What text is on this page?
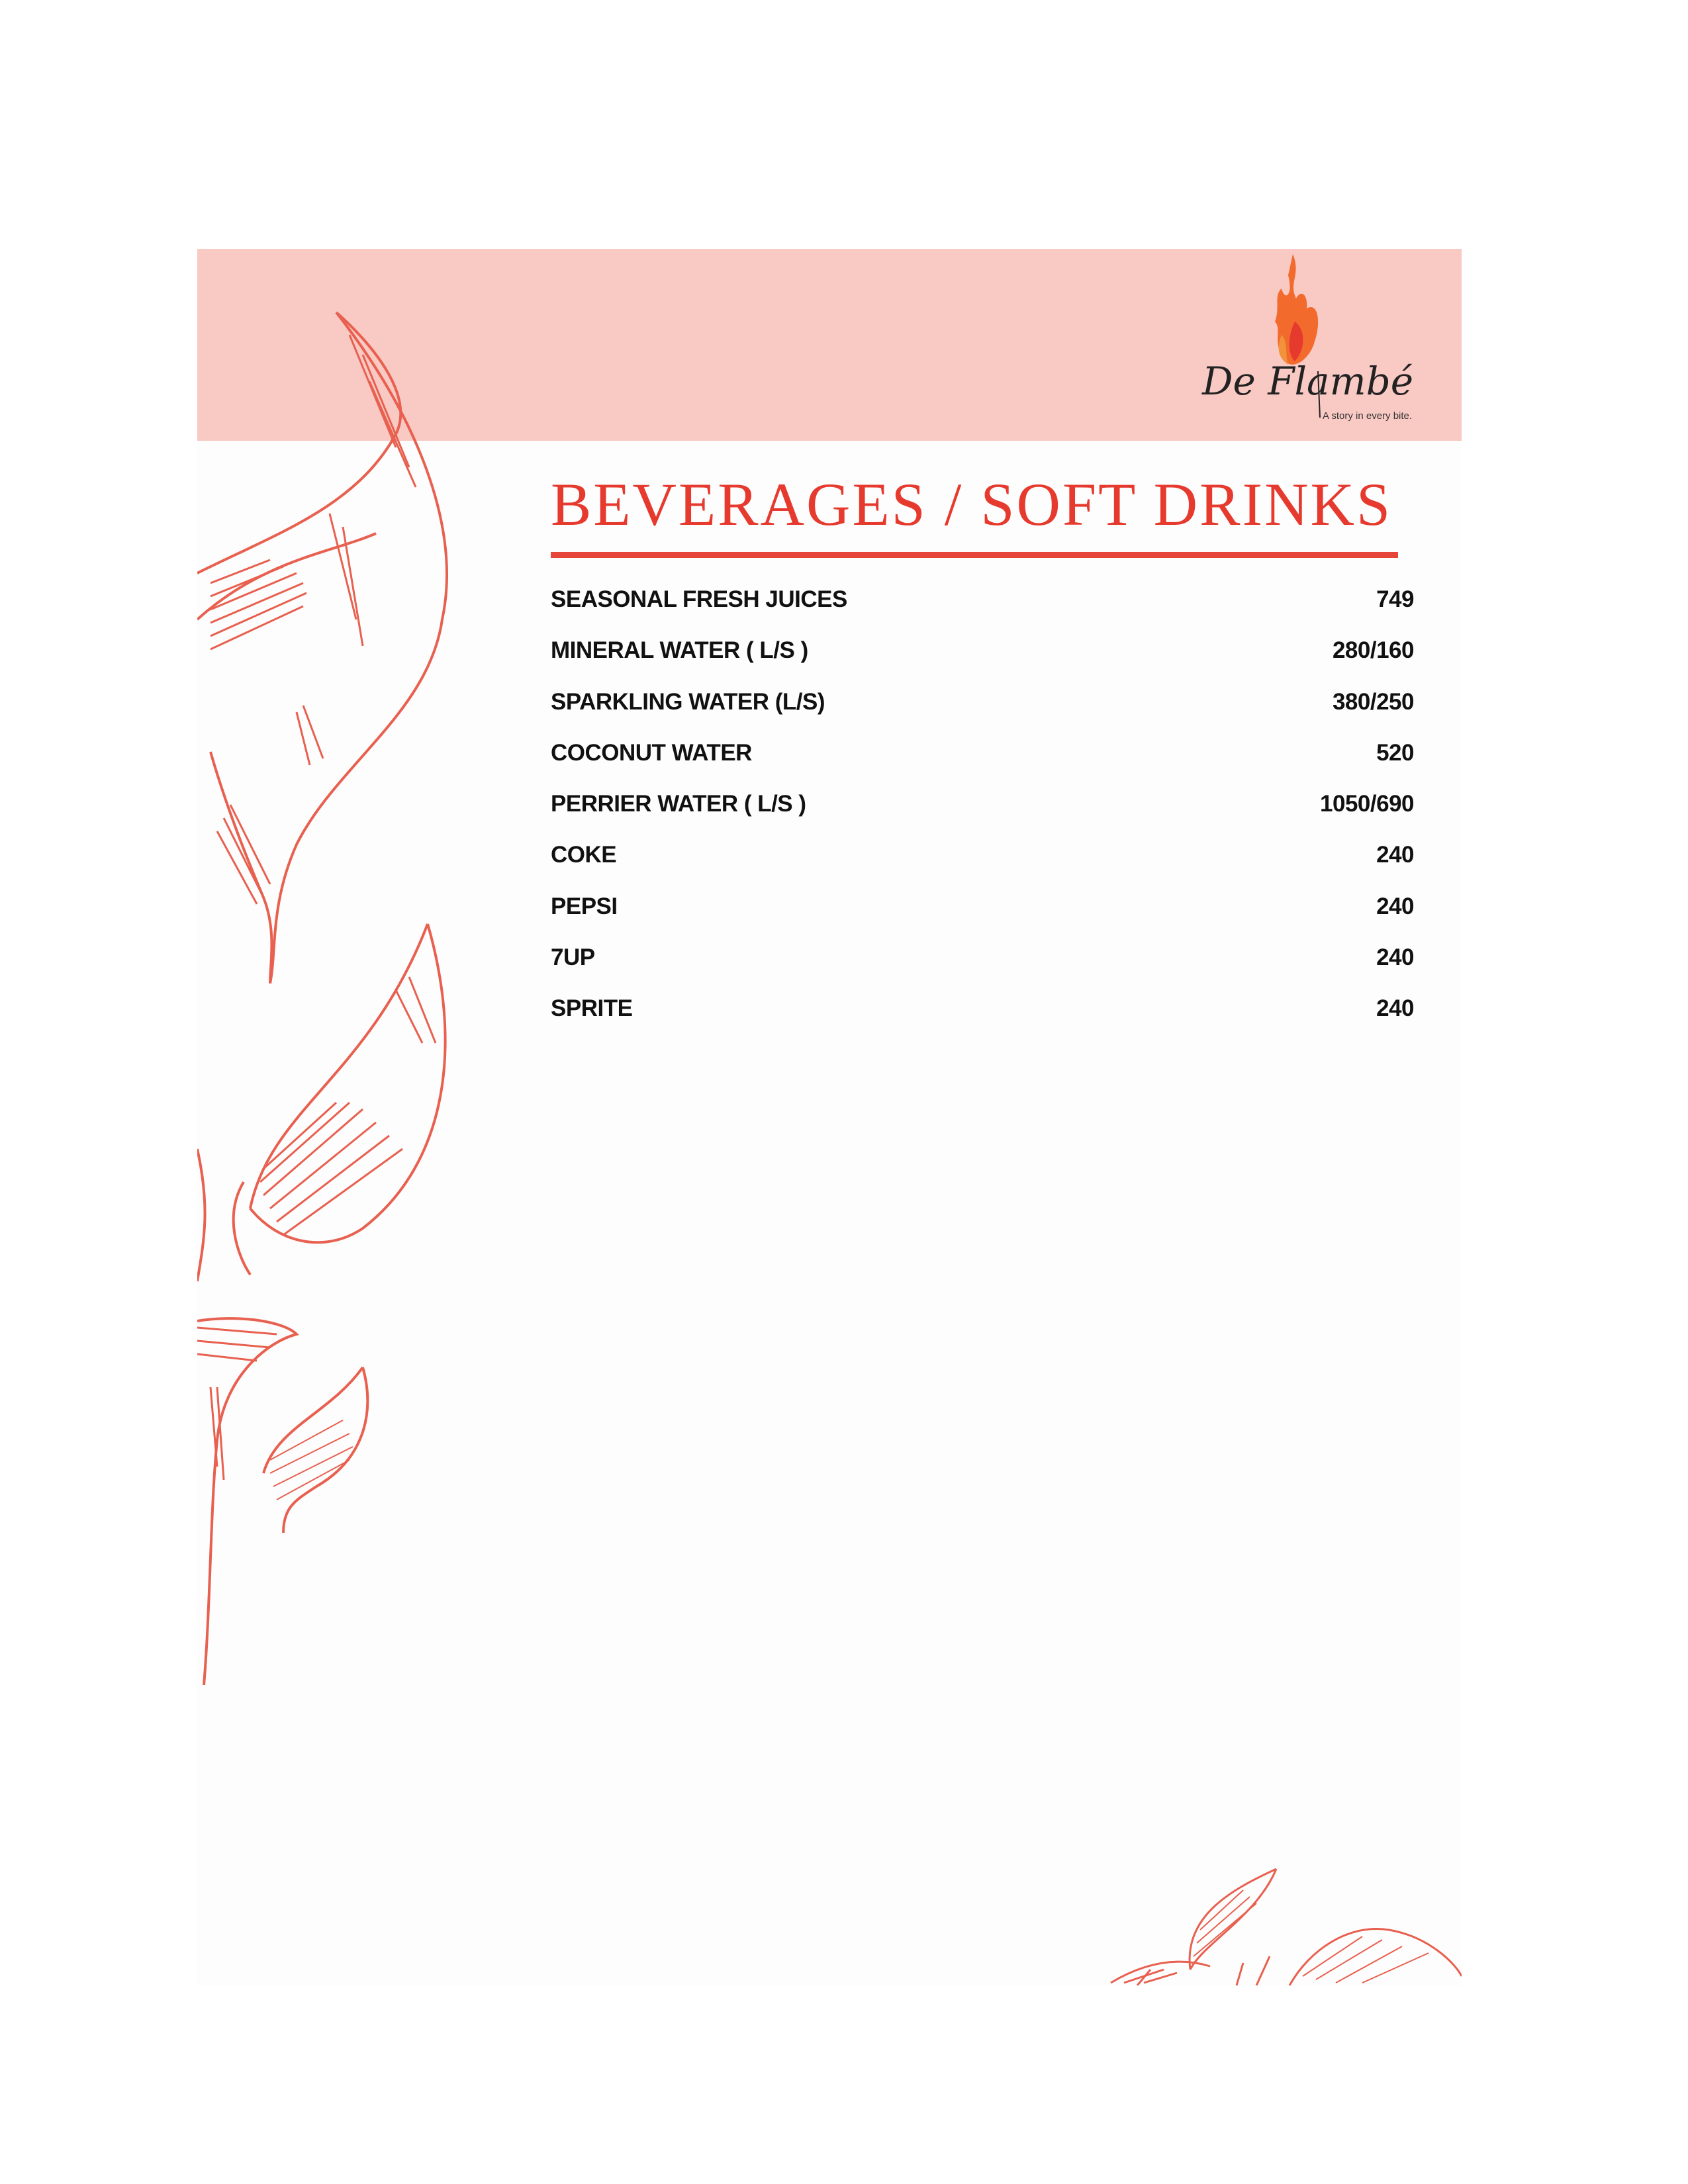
De Flambé
A story in every bite.
BEVERAGES / SOFT DRINKS
SEASONAL FRESH JUICES	749
MINERAL WATER ( L/S )	280/160
SPARKLING WATER (L/S)	380/250
COCONUT WATER	520
PERRIER WATER ( L/S )	1050/690
COKE	240
PEPSI	240
7UP	240
SPRITE	240
